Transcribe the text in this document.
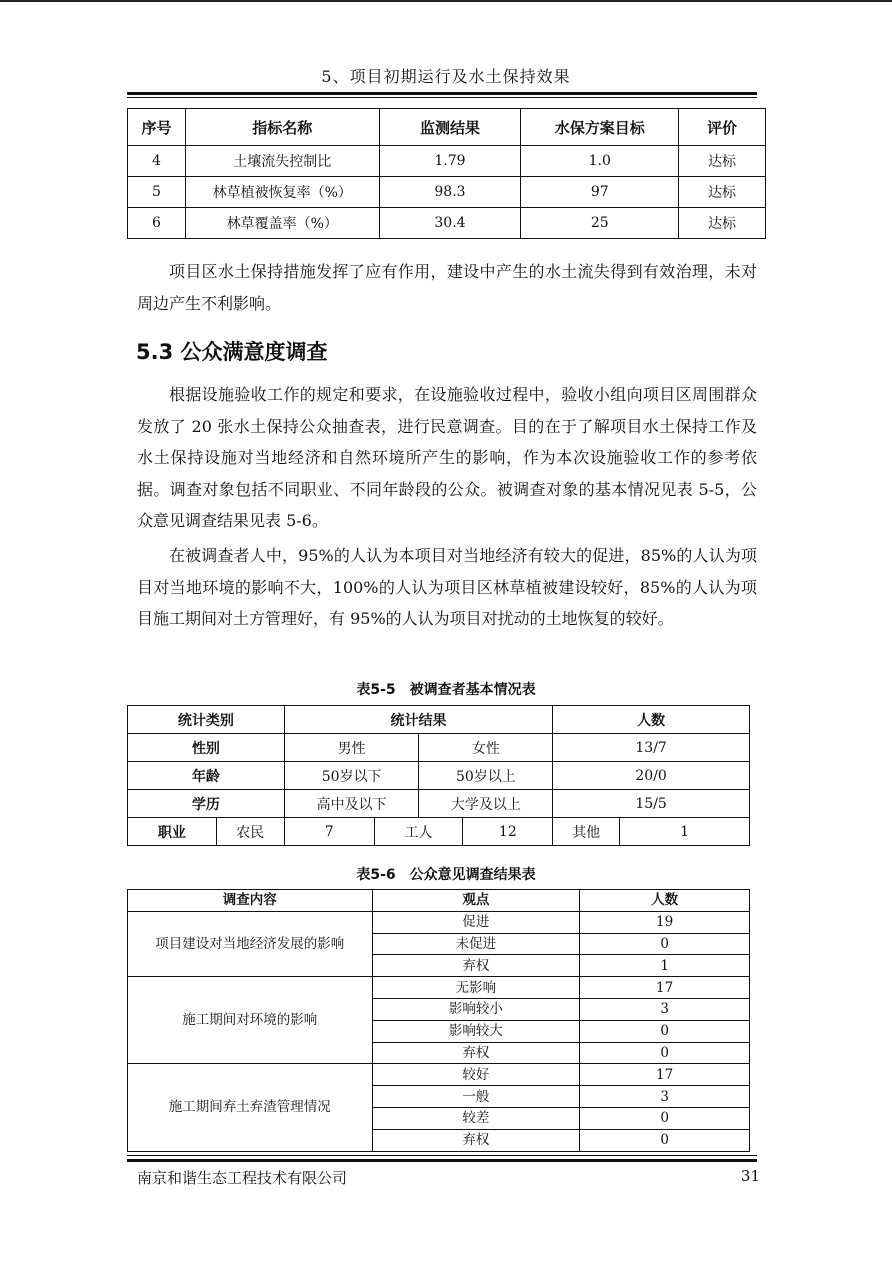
5、项目初期运行及水土保持效果
序号	指标名称	监测结果	水保方案目标	评价
4	土壤流失控制比	1.79	1.0	达标
5	林草植被恢复率（%）	98.3	97	达标
6	林草覆盖率（%）	30.4	25	达标

项目区水土保持措施发挥了应有作用，建设中产生的水土流失得到有效治理，未对周边产生不利影响。

5.3 公众满意度调查

根据设施验收工作的规定和要求，在设施验收过程中，验收小组向项目区周围群众发放了 20 张水土保持公众抽查表，进行民意调查。目的在于了解项目水土保持工作及水土保持设施对当地经济和自然环境所产生的影响，作为本次设施验收工作的参考依据。调查对象包括不同职业、不同年龄段的公众。被调查对象的基本情况见表 5-5，公众意见调查结果见表 5-6。

在被调查者人中，95%的人认为本项目对当地经济有较大的促进，85%的人认为项目对当地环境的影响不大，100%的人认为项目区林草植被建设较好，85%的人认为项目施工期间对土方管理好，有 95%的人认为项目对扰动的土地恢复的较好。

表5-5　被调查者基本情况表
统计类别		统计结果				人数	
性别		男性		女性		13/7	
年龄		50岁以下		50岁以上		20/0	
学历		高中及以下		大学及以上		15/5	
职业	农民	7	工人		12	其他	1
表5-6　公众意见调查结果表
调查内容	观点	人数
项目建设对当地经济发展的影响	促进	19
	未促进	0
	弃权	1
施工期间对环境的影响	无影响	17
	影响较小	3
	影响较大	0
	弃权	0
施工期间弃土弃渣管理情况	较好	17
	一般	3
	较差	0
	弃权	0
南京和谐生态工程技术有限公司	31
